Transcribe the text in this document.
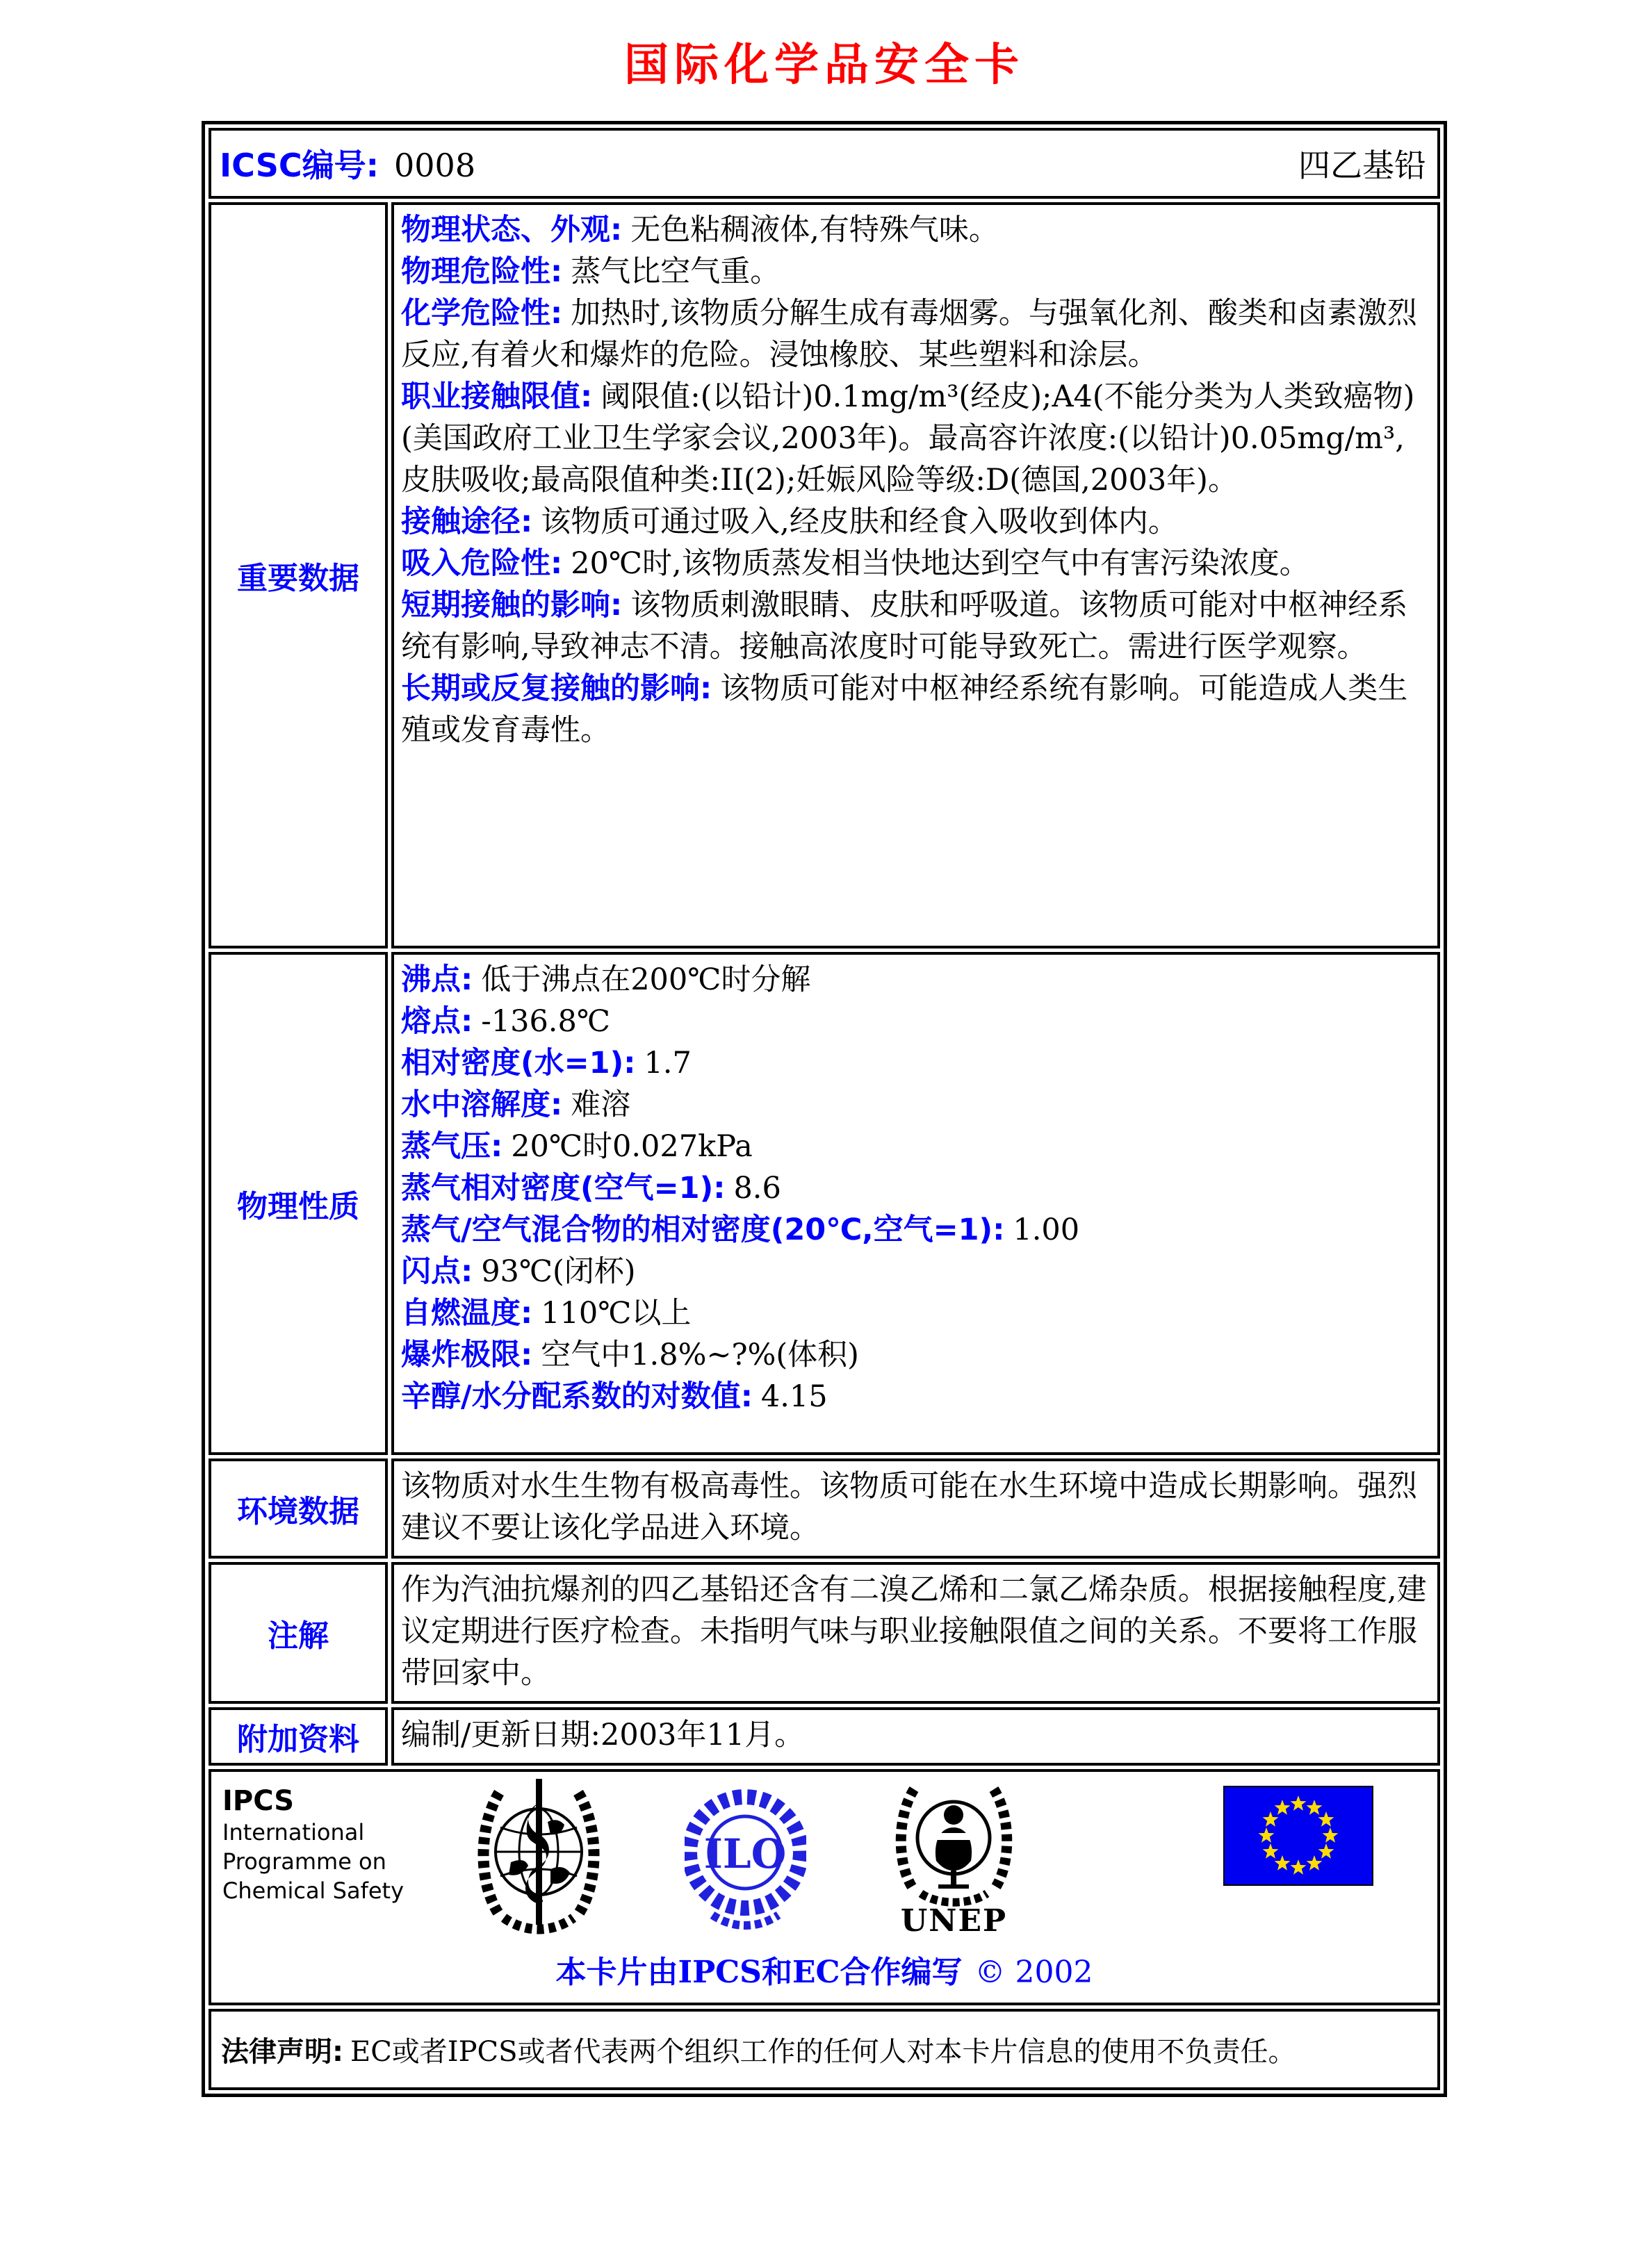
国际化学品安全卡
ICSC编号: 0008 四乙基铅	

重要数据	
物理状态、外观: 无色粘稠液体,有特殊气味。
物理危险性: 蒸气比空气重。
化学危险性: 加热时,该物质分解生成有毒烟雾。与强氧化剂、酸类和卤素激烈反应,有着火和爆炸的危险。浸蚀橡胶、某些塑料和涂层。
职业接触限值: 阈限值:(以铅计)0.1mg/m³(经皮);A4(不能分类为人类致癌物)(美国政府工业卫生学家会议,2003年)。最高容许浓度:(以铅计)0.05mg/m³,皮肤吸收;最高限值种类:II(2);妊娠风险等级:D(德国,2003年)。
接触途径: 该物质可通过吸入,经皮肤和经食入吸收到体内。
吸入危险性: 20℃时,该物质蒸发相当快地达到空气中有害污染浓度。
短期接触的影响: 该物质刺激眼睛、皮肤和呼吸道。该物质可能对中枢神经系统有影响,导致神志不清。接触高浓度时可能导致死亡。需进行医学观察。
长期或反复接触的影响: 该物质可能对中枢神经系统有影响。可能造成人类生殖或发育毒性。

物理性质	
沸点: 低于沸点在200℃时分解
熔点: -136.8℃
相对密度(水=1): 1.7
水中溶解度: 难溶
蒸气压: 20℃时0.027kPa
蒸气相对密度(空气=1): 8.6
蒸气/空气混合物的相对密度(20℃,空气=1): 1.00
闪点: 93℃(闭杯)
自燃温度: 110℃以上
爆炸极限: 空气中1.8%~?%(体积)
辛醇/水分配系数的对数值: 4.15

环境数据	该物质对水生生物有极高毒性。该物质可能在水生环境中造成长期影响。强烈建议不要让该化学品进入环境。
注解	作为汽油抗爆剂的四乙基铅还含有二溴乙烯和二氯乙烯杂质。根据接触程度,建议定期进行医疗检查。未指明气味与职业接触限值之间的关系。不要将工作服带回家中。
附加资料	编制/更新日期:2003年11月。

IPCS
International
Programme on
Chemical Safety
ILO
UNEP
本卡片由IPCS和EC合作编写 © 2002

法律声明: EC或者IPCS或者代表两个组织工作的任何人对本卡片信息的使用不负责任。	
